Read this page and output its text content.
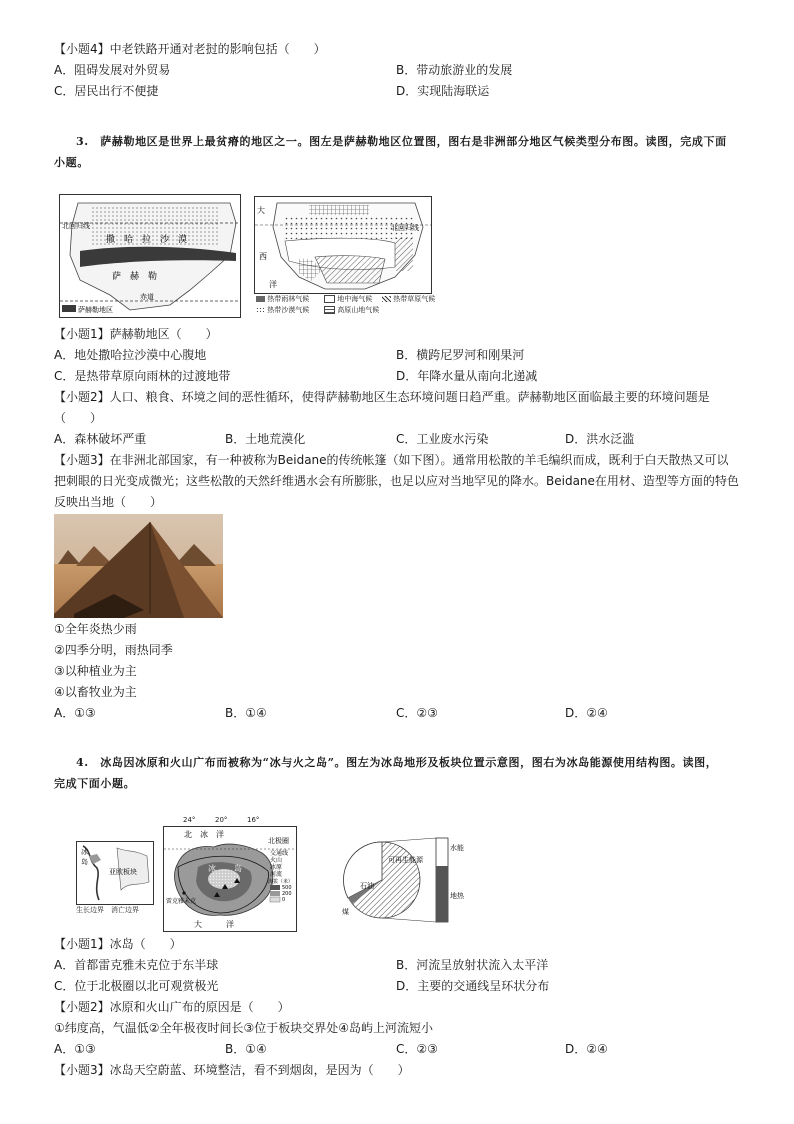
【小题4】中老铁路开通对老挝的影响包括（　　）
A．阻碍发展对外贸易	B．带动旅游业的发展
C．居民出行不便捷	D．实现陆海联运
3.　萨赫勒地区是世界上最贫瘠的地区之一。图左是萨赫勒地区位置图，图右是非洲部分地区气候类型分布图。读图，完成下面
小题。
北回归线
撒　哈　拉　沙　漠
萨　赫　勒
赤道
萨赫勒地区
大
西
洋
北回归线
热带雨林气候	地中海气候	热带草原气候
热带沙漠气候	高原山地气候
【小题1】萨赫勒地区（　　）
A．地处撒哈拉沙漠中心腹地	B．横跨尼罗河和刚果河
C．是热带草原向雨林的过渡地带	D．年降水量从南向北递减
【小题2】人口、粮食、环境之间的恶性循环，使得萨赫勒地区生态环境问题日趋严重。萨赫勒地区面临最主要的环境问题是
（　　）
A．森林破坏严重	B．土地荒漠化	C．工业废水污染	D．洪水泛滥
【小题3】在非洲北部国家，有一种被称为Beidane的传统帐篷（如下图）。通常用松散的羊毛编织而成，既利于白天散热又可以
把刺眼的日光变成微光；这些松散的天然纤维遇水会有所膨胀，也足以应对当地罕见的降水。Beidane在用材、造型等方面的特色
反映出当地（　　）
①全年炎热少雨
②四季分明，雨热同季
③以种植业为主
④以畜牧业为主
A．①③	B．①④	C．②③	D．②④
4.　冰岛因冰原和火山广布而被称为“冰与火之岛”。图左为冰岛地形及板块位置示意图，图右为冰岛能源使用结构图。读图，
完成下面小题。
冰
岛
亚欧板块
生长边界　消亡边界
24°	20°	16°
北　冰　洋
北极圈
冰 岛
雷克雅未克
大　　　洋
交通线
火山
冰原
河流
海拔（米）
500
200
0
可再生能源
石油
煤
水能
地热
【小题1】冰岛（　　）
A．首都雷克雅未克位于东半球	B．河流呈放射状流入太平洋
C．位于北极圈以北可观赏极光	D．主要的交通线呈环状分布
【小题2】冰原和火山广布的原因是（　　）
①纬度高，气温低②全年极夜时间长③位于板块交界处④岛屿上河流短小
A．①③	B．①④	C．②③	D．②④
【小题3】冰岛天空蔚蓝、环境整洁，看不到烟囱，是因为（　　）
